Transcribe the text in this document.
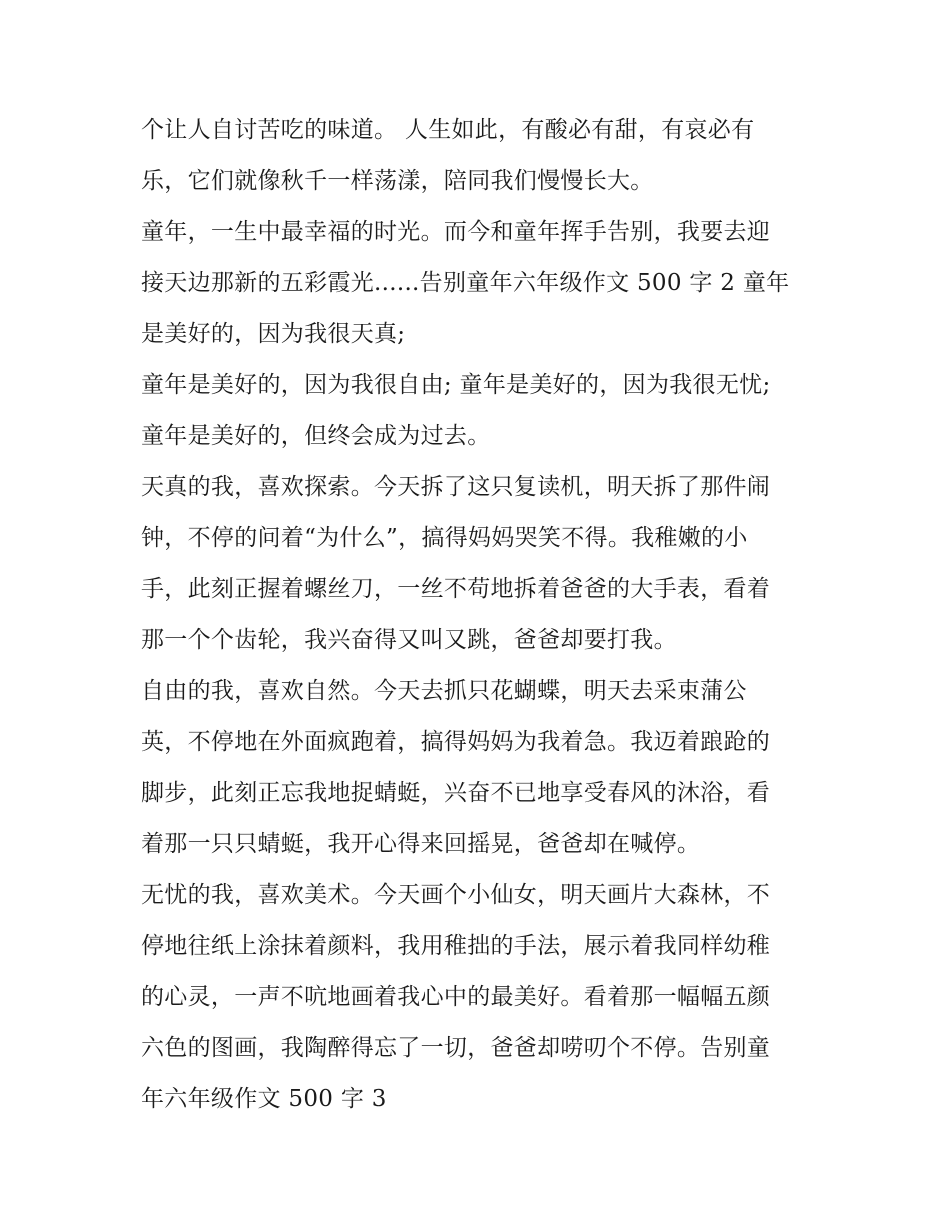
个让人自讨苦吃的味道。 人生如此，有酸必有甜，有哀必有
乐，它们就像秋千一样荡漾，陪同我们慢慢长大。
童年，一生中最幸福的时光。而今和童年挥手告别，我要去迎
接天边那新的五彩霞光......告别童年六年级作文 500 字 2 童年
是美好的，因为我很天真;
童年是美好的，因为我很自由; 童年是美好的，因为我很无忧;
童年是美好的，但终会成为过去。
天真的我，喜欢探索。今天拆了这只复读机，明天拆了那件闹
钟，不停的问着“为什么”，搞得妈妈哭笑不得。我稚嫩的小
手，此刻正握着螺丝刀，一丝不苟地拆着爸爸的大手表，看着
那一个个齿轮，我兴奋得又叫又跳，爸爸却要打我。
自由的我，喜欢自然。今天去抓只花蝴蝶，明天去采束蒲公
英，不停地在外面疯跑着，搞得妈妈为我着急。我迈着踉跄的
脚步，此刻正忘我地捉蜻蜓，兴奋不已地享受春风的沐浴，看
着那一只只蜻蜓，我开心得来回摇晃，爸爸却在喊停。
无忧的我，喜欢美术。今天画个小仙女，明天画片大森林，不
停地往纸上涂抹着颜料，我用稚拙的手法，展示着我同样幼稚
的心灵，一声不吭地画着我心中的最美好。看着那一幅幅五颜
六色的图画，我陶醉得忘了一切，爸爸却唠叨个不停。告别童
年六年级作文 500 字 3
